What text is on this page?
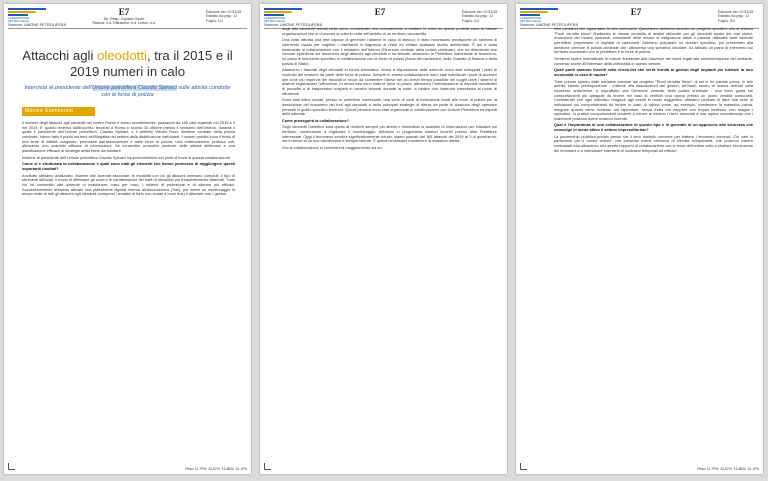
FEDERAZIONE PETROLIFERA
E7
Dir. Resp.: Agnese Onofri
Tiratura: n.d. Diffusione: n.d. Lettori: n.d.
Edizione del: 07/11/18
Estratto da pag.: 11
Foglio: 1/4
Sezione: UNIONE PETROLIFERA
Attacchi agli oleodotti, tra il 2015 e il 2019 numeri in calo
Intervista al presidente dell'Unione petrolifera Claudio Spinaci sulle attività condotte con le forze di polizia
Monica Giambersio

Il numero degli attacchi agli oleodotti nel nostro Paese è sceso sensibilmente, passando da 165 casi registrati nel 2015 a 3 nel 2019. E' quanto emerso dall'incontro, tenutosi a Roma lo scorso 30 ottobre presso il ministero dell'Interno, durante il quale il presidente dell'Unione petrolifera, Claudio Spinaci, e il prefetto Vittorio Rizzi, direttore centrale della polizia criminale, hanno fatto il punto sui temi dell'illegalità nel settore della distribuzione carburanti. I numeri positivi sono il frutto di una serie di attività congiunte, promosse dall'associazione e dalle forze di polizia. Una collaborazione proficua che, attraverso uno scambio efficace di informazioni, ha consentito un'analisi puntuale delle attività delittuose e una pianificazione efficace di strategie anticrimine da adottare.

Insieme al presidente dell'Unione petrolifera Claudio Spinaci l'approfondimento sui punti di forza di questa collaborazione.

Come si è strutturata la collaborazione e quali sono stati gli elementi che hanno permesso di raggiungere questi importanti risultati?

Anzitutto abbiamo analizzato, insieme alle aziende associate, le modalità con cui gli attacchi venivano compiuti, il tipo di strumenti utilizzati, il modo di effettuare gli scavi e le caratteristiche dei tratti di oleodotto più frequentemente attaccati. Tutto ciò ha consentito alle aziende di individuare, caso per caso, i sistemi di protezione e di allarme più efficaci. Successivamente abbiamo attivato una piattaforma digitale interna all'Associazione (Sac), per avere un monitoraggio in tempo reale di tutti gli attacchi agli oleodotti (compresi i tentativi di furto non andati a buon fine) e allertare così i gestori

Peso: 11-79%, 13-67%, 13-58%, 14-12%
FEDERAZIONE PETROLIFERA
E7	Edizione del: 07/11/18
Estratto da pag.: 11
Foglio: 2/4
Sezione: UNIONE PETROLIFERA

degli altri oleodotti ubicati nella zona, considerato che normalmente a mettere le mani su questi prodotti sono le stesse organizzazioni che si muovono di volta in volta nell'ambito di un territorio circoscritto.

Una volta attivata una rete capace di generare l'allarme in caso di attacco, è stato necessario predisporre un sistema di intervento rapido per cogliere i malviventi in flagranza di reato ed evitare qualsiasi rischio ambientale. È qui è stata essenziale la collaborazione con il ministero dell'Interno (Direzione centrale della polizia criminale), che ha dimostrato due circolari specifiche sul fenomeno degli attacchi agli oleodotti e ha attivato, attraverso le Prefetture interessate al fenomeno, un piano di intervento specifico in collaborazione con le forze di polizia (Arma dei carabinieri, della Guardia di finanza e della polizia di Stato).

Attraverso i tracciati degli oleodotti in forma telematica, messi a disposizione dalle aziende, sono stati sviluppati i piani di controllo del territorio da parte delle forze di polizia. Sempre in stretta collaborazione sono stati individuati i punti di accesso alle zone più impervie dei tracciati in modo da consentire l'arrivo nel più breve tempo possibile nei luoghi dove i sistemi di allarme registravano l'effrazione. In alcuni casi sono state le forze di polizia, attraverso l'individuazione di depositi clandestini di prodotto o di trasportatori sospetti in camion telonati durante la notte, a risalire con l'azienda interessata al punto di effrazione.

Sono stati infine avviati, presso le prefetture interessate, una serie di corsi di formazione rivolti alle forze di polizia per la descrizione del fenomeno dei furti agli oleodotti e della principali strategie di difesa da parte di ciascuno degli operatori presenti in quello specifico territorio. Questi percorsi sono stati organizzati in collaborazione con Unione Petrolifera ed esperti delle aziende.

Come proseguirà la collaborazione?

Sugli oleodotti l'obiettivo sarà quello di rendere sempre più diretto e immediato lo scambio di informazioni con iniziative sul territorio, continuando a migliorare il monitoraggio. Abbiamo in programma ulteriori incontri presso altre Prefetture interessate. Oggi il fenomeno sembra significativamente ridotto, siamo passati dai 165 attacchi del 2015 ai 3 di quest'anno, ma il rischio di un suo riacutizzarsi è sempre latente. È quindi necessario mantenere la massima allerta.

Ora la collaborazione si concentrerà maggiormente sui cri-

FEDERAZIONE PETROLIFERA
E7	Edizione del: 07/11/18
Estratto da pag.: 11
Foglio: 3/4
Sezione: UNIONE PETROLIFERA

mini predatori che riguardano la rete carburanti. Quest'anno abbiamo lanciato un progetto specifico che si chiama "Punti vendita sicuri" finalizzato le stesse modalità di analisi utilizzate per gli oleodotti studio dei dati storici, evoluzione del modus operandi, consistenti delle misure di mitigazione attive e passive utilizzate dalle aziende petrolifere proprietarie di impianti di carburanti. Abbiamo preparato un dossier specifico, poi presentato alla direzione centrale di polizia criminale che, attraverso una specifica circolare, ha attivato un piano di intervento sul territorio coordinato con le prefetture e le forze di polizia.

Verranno inoltre intensificate le misure finalizzate alla riduzione dei rischi legati alla movimentazione del contante, connessi anche all'interesse della criminalità in questo settore.

Quali punti saranno inseriti nella check-list che verrà fornita ai gestori degli impianti per tutelare la loro incolumità in caso di rapina?

Tutte prende spunto dalle iniziative previste dal progetto "Punti Vendita Sicuri" di cui le ho parlato prima. In tale ambito stiamo predisponendo - insieme alla Associazioni dei gestori, all'Osaif, centro di ricerca dell'Abi sulla sicurezza anticrimine, e soprattutto alla Direzione centrale della polizia criminale - una linea guida sui comportamenti più adeguati da tenere nel caso si verifichi una rapina presso un punto vendita carburanti. Considerato che ogni individuo reagisce agli eventi in modo soggettivo, abbiamo pensato di dare una serie di indicazioni sui comportamenti da tenere in caso di rapina come, ad esempio, mantenere la massima calma, eseguire quanto viene richiesto dal rapinatore, senza fretta ma neppure con troppa lentezza, non reagire i rapinatori. In pratica comportamenti tendenti a ridurre al minimo i rischi associati a una rapina considerando che i malviventi possono avere reazioni violente.

Qual è l'importanza di una collaborazione di questo tipo e in generale di un approccio alla sicurezza che coinvolge in modo attivo il settore imprenditoriale?

La partnership pubblico-privato penso sia il vero modello vincente per battere i fenomeni criminali. Ciò vale in particolare per il nostro settore, che presenta eventi criminosi di elevata complessità, che possono essere contrastati solo attraverso uno stretto rapporto di collaborazione con le forze dell'ordine volto a studiare l'evoluzione dei fenomeni e a individuare interventi di contrasto temporali ed efficaci.

Peso: 11-79%, 13-67%, 13-58%, 14-12%
